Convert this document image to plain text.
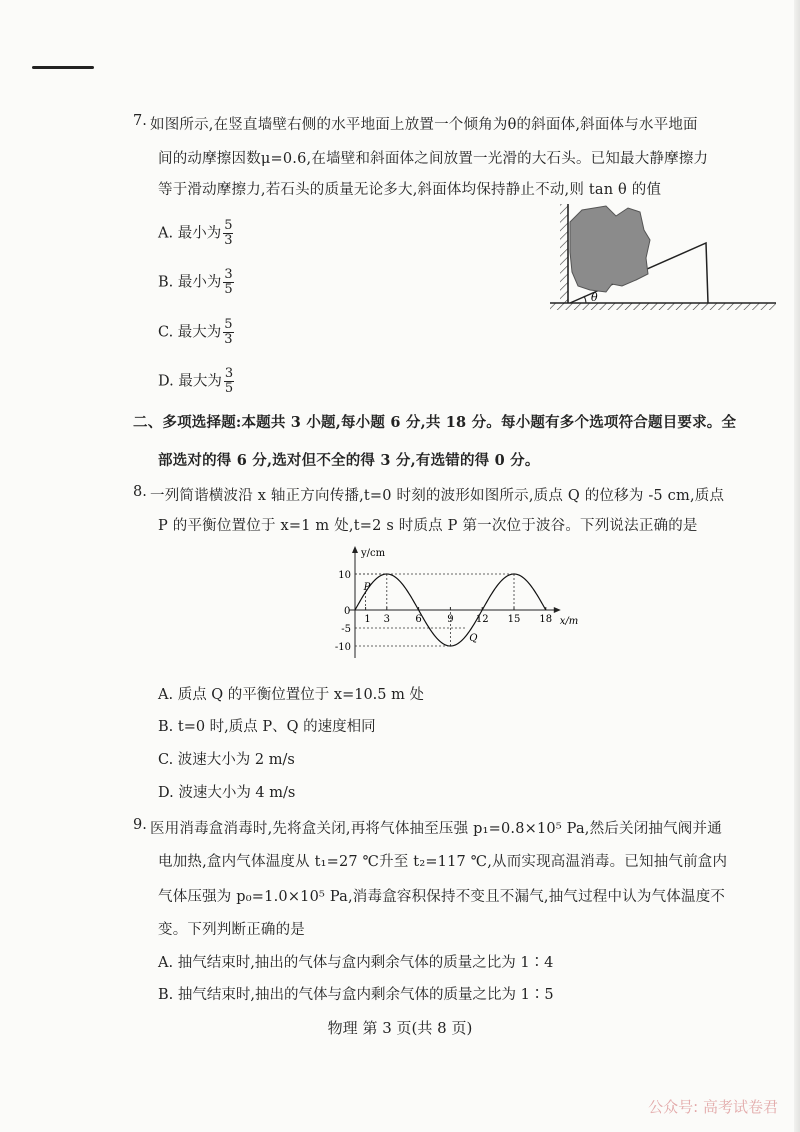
7. 如图所示,在竖直墙壁右侧的水平地面上放置一个倾角为θ的斜面体,斜面体与水平地面
间的动摩擦因数μ=0.6,在墙壁和斜面体之间放置一光滑的大石头。已知最大静摩擦力
等于滑动摩擦力,若石头的质量无论多大,斜面体均保持静止不动,则 tan θ 的值
A. 最小为 $\frac{5}{3}$
B. 最小为 $\frac{3}{5}$
C. 最大为 $\frac{5}{3}$
D. 最大为 $\frac{3}{5}$
θ
二、多项选择题:本题共 3 小题,每小题 6 分,共 18 分。每小题有多个选项符合题目要求。全
部选对的得 6 分,选对但不全的得 3 分,有选错的得 0 分。
8. 一列简谐横波沿 x 轴正方向传播,t=0 时刻的波形如图所示,质点 Q 的位移为 -5 cm,质点
P 的平衡位置位于 x=1 m 处,t=2 s 时质点 P 第一次位于波谷。下列说法正确的是
y/cm
x/m
0
10
-5
-10
1 3	6	9 12 15 18
P
Q
A. 质点 Q 的平衡位置位于 x=10.5 m 处
B. t=0 时,质点 P、Q 的速度相同
C. 波速大小为 2 m/s
D. 波速大小为 4 m/s
9. 医用消毒盒消毒时,先将盒关闭,再将气体抽至压强 p₁=0.8×10⁵ Pa,然后关闭抽气阀并通
电加热,盒内气体温度从 t₁=27 ℃升至 t₂=117 ℃,从而实现高温消毒。已知抽气前盒内
气体压强为 p₀=1.0×10⁵ Pa,消毒盒容积保持不变且不漏气,抽气过程中认为气体温度不
变。下列判断正确的是
A. 抽气结束时,抽出的气体与盒内剩余气体的质量之比为 1∶4
B. 抽气结束时,抽出的气体与盒内剩余气体的质量之比为 1∶5
物理 第 3 页(共 8 页)
公众号: 高考试卷君
